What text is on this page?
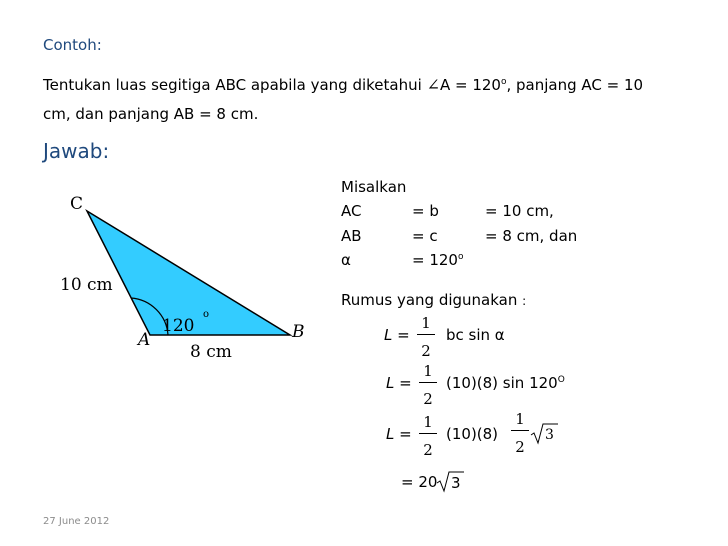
Contoh:
Tentukan luas segitiga ABC apabila yang diketahui ∠A = $120^o$, panjang AC = 10
cm, dan panjang AB = 8 cm.
Jawab:
C
A	B
10 cm
8 cm
120
o
Misalkan
AC	= b	= 10 cm,
AB	= c	= 8 cm, dan
α	= $120^o$
Rumus yang digunakan :
L =
1
2
bc sin α
L =
1
2
(10)(8) $\sin 120^O$
L =
1
2
(10)(8)
1
2
3
= 20 3
27 June 2012
